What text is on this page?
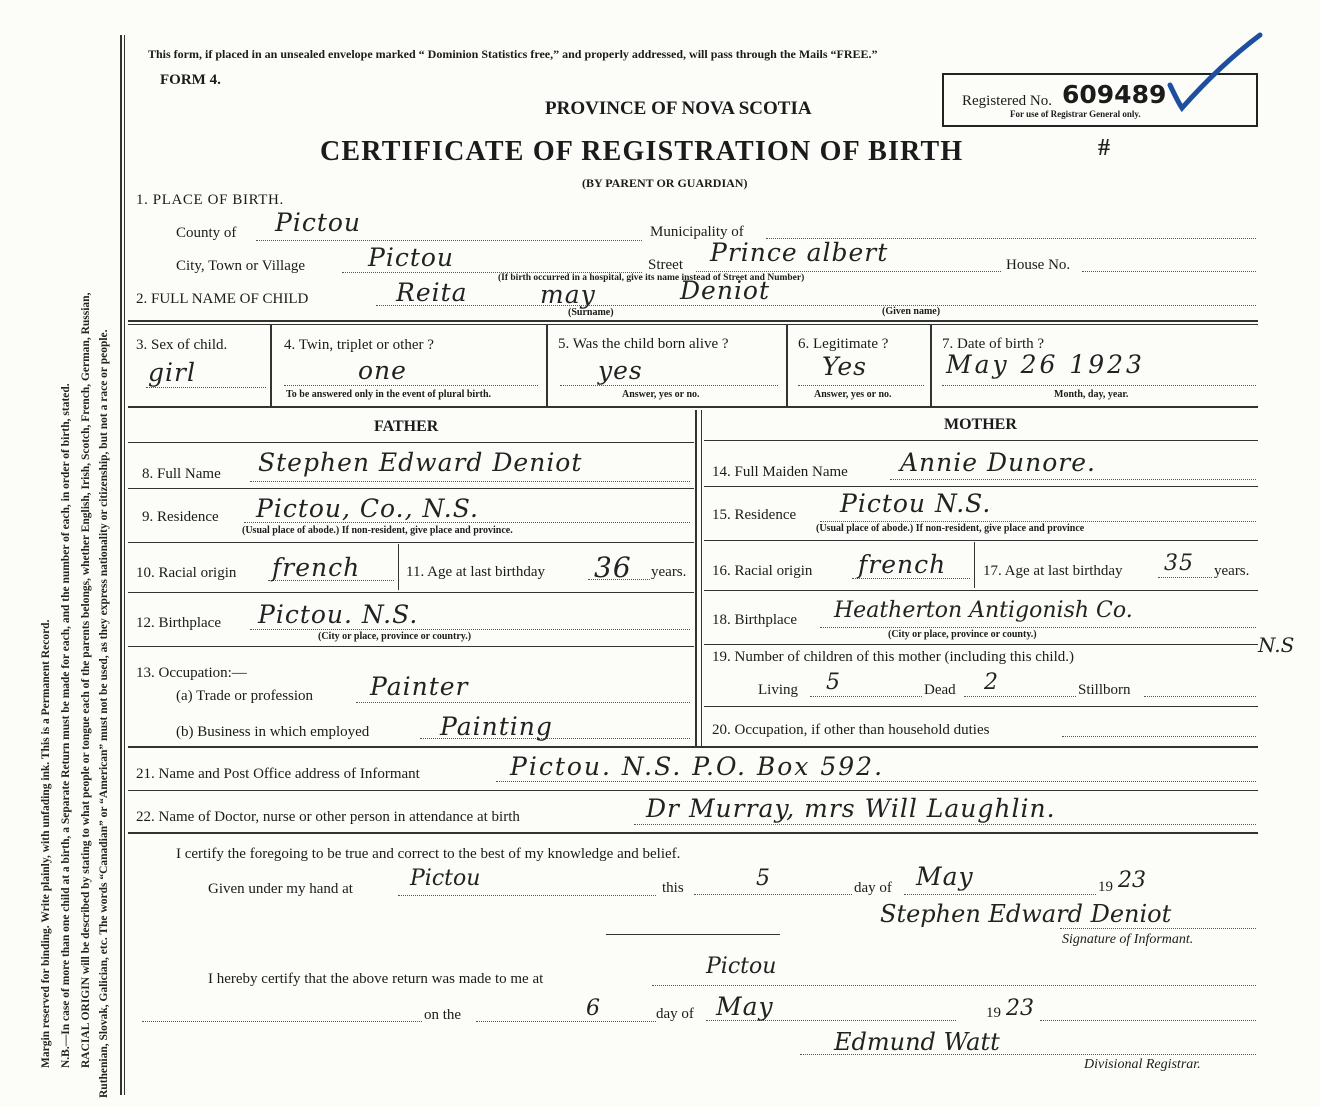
Margin reserved for binding. Write plainly, with unfading ink. This is a Permanent Record. N.B.—In case of more than one child at a birth, a Separate Return must be made for each, and the number of each, in order of birth, stated. RACIAL ORIGIN will be described by stating to what people or tongue each of the parents belongs, whether English, Irish, Scotch, French, German, Russian, Ruthenian, Slovak, Galician, etc. The words “Canadian” or “American” must not be used, as they express nationality or citizenship, but not a race or people.
This form, if placed in an unsealed envelope marked “ Dominion Statistics free,” and properly addressed, will pass through the Mails “FREE.”
FORM 4.
PROVINCE OF NOVA SCOTIA
CERTIFICATE OF REGISTRATION OF BIRTH
(BY PARENT OR GUARDIAN)
#
Registered No. 609489
For use of Registrar General only.
1. PLACE OF BIRTH.
County of Pictou	Municipality of
City, Town or Village	Pictou	Street Prince albert	House No.
(If birth occurred in a hospital, give its name instead of Street and Number)
2. FULL NAME OF CHILD	Reita	may	Deniot
(Surname)	(Given name)
3. Sex of child.
girl
4. Twin, triplet or other ?
one
To be answered only in the event of plural birth.
5. Was the child born alive ?
yes
Answer, yes or no.
6. Legitimate ?
Yes
Answer, yes or no.
7. Date of birth ?
May 26 1923
Month, day, year.
FATHER	MOTHER
8. Full Name Stephen Edward Deniot
9. Residence Pictou, Co., N.S.
(Usual place of abode.) If non-resident, give place and province.
10. Racial origin french	11. Age at last birthday 36 years.
12. Birthplace Pictou. N.S.
(City or place, province or country.)
13. Occupation:—
(a) Trade or profession Painter
(b) Business in which employed	Painting
14. Full Maiden Name Annie Dunore.
15. Residence Pictou N.S.
(Usual place of abode.) If non-resident, give place and province
16. Racial origin french 17. Age at last birthday 35 years.
18. Birthplace Heatherton Antigonish Co.
N.S
(City or place, province or county.)
19. Number of children of this mother (including this child.)
Living 5	Dead 2	Stillborn
20. Occupation, if other than household duties
21. Name and Post Office address of Informant	Pictou. N.S. P.O. Box 592.
22. Name of Doctor, nurse or other person in attendance at birth	Dr Murray, mrs Will Laughlin.
I certify the foregoing to be true and correct to the best of my knowledge and belief.
Given under my hand at	Pictou	this	5	day of May	19 23
Stephen Edward Deniot
Signature of Informant.
I hereby certify that the above return was made to me at	Pictou
on the	6	day of May	19 23
Edmund Watt
Divisional Registrar.
